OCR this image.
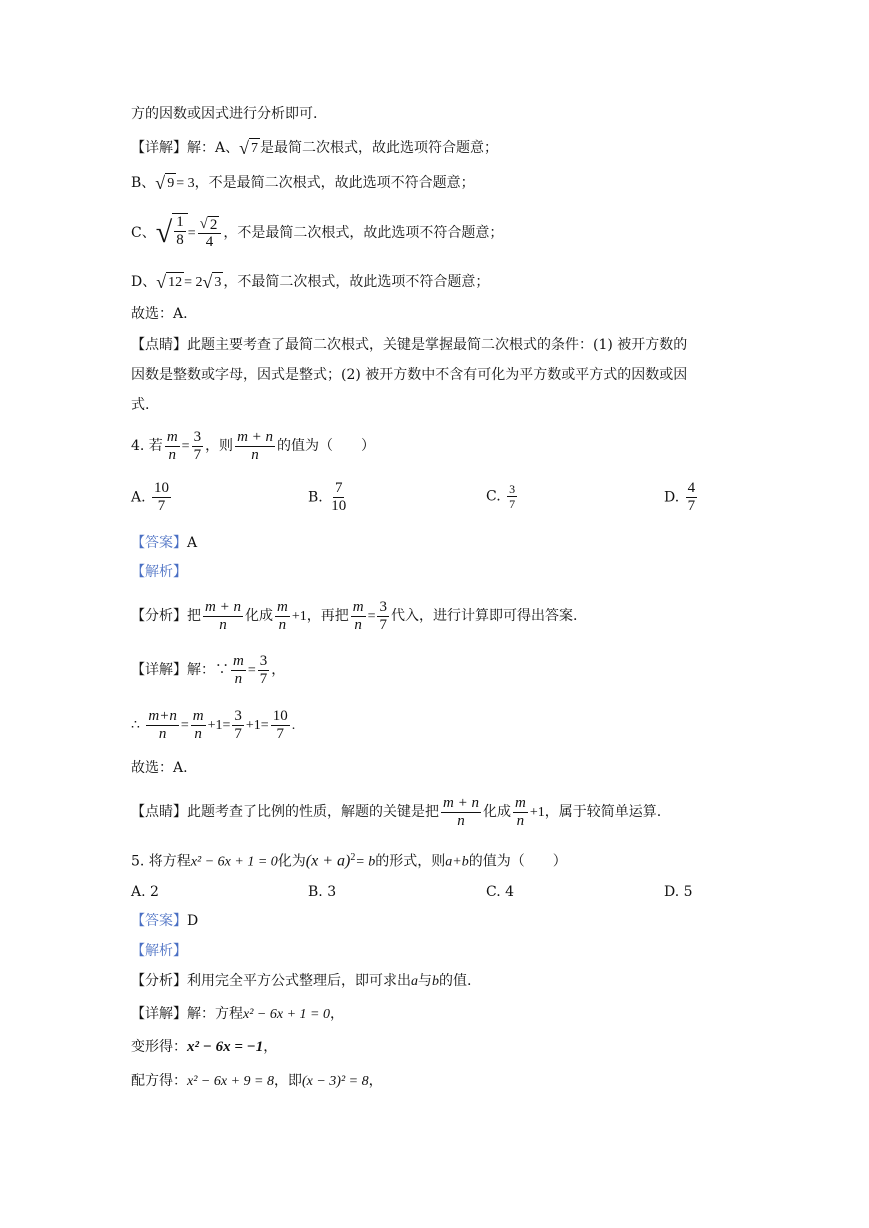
方的因数或因式进行分析即可.
【详解】解：A、 √ 7 是最简二次根式，故此选项符合题意；
B、 √ 9 = 3，不是最简二次根式，故此选项不符合题意；
C、 √ $\frac{1}{8} = \frac{√ 2}{4}$ ，不是最简二次根式，故此选项不符合题意；
D、 √ 12 = 2 √ 3 ，不最简二次根式，故此选项不符合题意；
故选：A.
【点睛】此题主要考查了最简二次根式，关键是掌握最简二次根式的条件：(1) 被开方数的
因数是整数或字母，因式是整式；(2) 被开方数中不含有可化为平方数或平方式的因数或因
式.
4. 若 $\frac{m}{n} = \frac{3}{7}$ ，则 $\frac{m + n}{n}$ 的值为（　　）
A. $\frac{10}{7}$	B. $\frac{7}{10}$	C. $\frac{3}{7}$	D. $\frac{4}{7}$
【答案】A
【解析】
【分析】把 $\frac{m + n}{n}$ 化成 $\frac{m}{n} +1$，再把 $\frac{m}{n} = \frac{3}{7}$ 代入，进行计算即可得出答案.
【详解】解：∵ $\frac{m}{n} = \frac{3}{7}$ ，
∴ $\frac{m+n}{n} = \frac{m}{n} +1= \frac{3}{7} +1= \frac{10}{7}$ .
故选：A.
【点睛】此题考查了比例的性质，解题的关键是把 $\frac{m + n}{n}$ 化成 $\frac{m}{n} +1$，属于较简单运算.
5. 将方程x² − 6x + 1 = 0化为$(x + a)^2= b$的形式，则a+b的值为（　　）
A. 2	B. 3	C. 4	D. 5
【答案】D
【解析】
【分析】利用完全平方公式整理后，即可求出a与b的值.
【详解】解：方程x² − 6x + 1 = 0，
变形得：x² − 6x = −1，
配方得：x² − 6x + 9 = 8，即(x − 3)² = 8，
